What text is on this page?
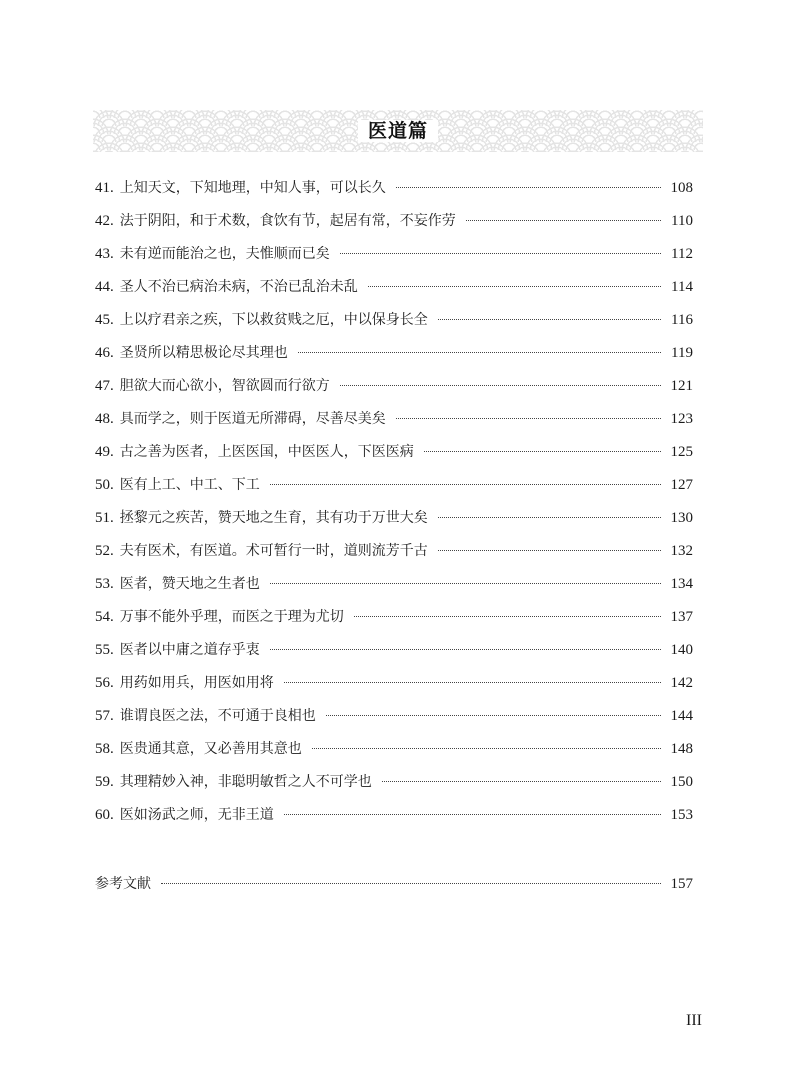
医道篇
41. 上知天文，下知地理，中知人事，可以长久	108
42. 法于阴阳，和于术数，食饮有节，起居有常，不妄作劳	110
43. 未有逆而能治之也，夫惟顺而已矣	112
44. 圣人不治已病治未病，不治已乱治未乱	114
45. 上以疗君亲之疾，下以救贫贱之厄，中以保身长全	116
46. 圣贤所以精思极论尽其理也	119
47. 胆欲大而心欲小，智欲圆而行欲方	121
48. 具而学之，则于医道无所滞碍，尽善尽美矣	123
49. 古之善为医者，上医医国，中医医人，下医医病	125
50. 医有上工、中工、下工	127
51. 拯黎元之疾苦，赞天地之生育，其有功于万世大矣	130
52. 夫有医术，有医道。术可暂行一时，道则流芳千古	132
53. 医者，赞天地之生者也	134
54. 万事不能外乎理，而医之于理为尤切	137
55. 医者以中庸之道存乎衷	140
56. 用药如用兵，用医如用将	142
57. 谁谓良医之法，不可通于良相也	144
58. 医贵通其意，又必善用其意也	148
59. 其理精妙入神，非聪明敏哲之人不可学也	150
60. 医如汤武之师，无非王道	153
参考文献	157
III
